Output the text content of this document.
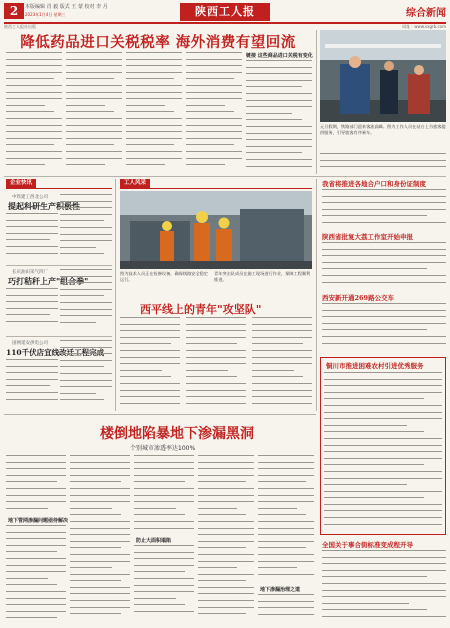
2	本版编辑 肖 毅 版式 王 蒙 校对 李 月
2023年1月4日 星期三	陕西工人报	综合新闻
陕西工人报社出版	网址：www.sxgrb.com
降低药品进口关税税率 海外消费有望回流
链接 这些商品进口关税有变化
元旦假期，铁路部门迎来客流高峰。图为工作人员在站台上为旅客提供服务，引导旅客有序乘车。
企业快讯
中铁建工西北公司
提起科研生产积极性
长庆油田采气四厂
巧打秸秆上产"组合拳"
国网延安供电公司
110千伏店宜线改迁工程完成
工人风采
图为技术人员正在检修设备，确保线路安全稳定运行。
青年突击队成员在施工现场进行作业，保障工程顺利推进。
西平线上的青年"攻坚队"
我省将推进各地合户口和身份证制度
陕西省批复大荔工作室开始申报
西安新开通269路公交车
铜川市推进困难农村引进优秀服务
全国关于事合街标准变成程开导
楼倒地陷暴地下渗漏黑洞
个别城市渗透率达100%
地下管网渗漏问题亟待解决
防止大面积塌陷
地下渗漏治理之道
